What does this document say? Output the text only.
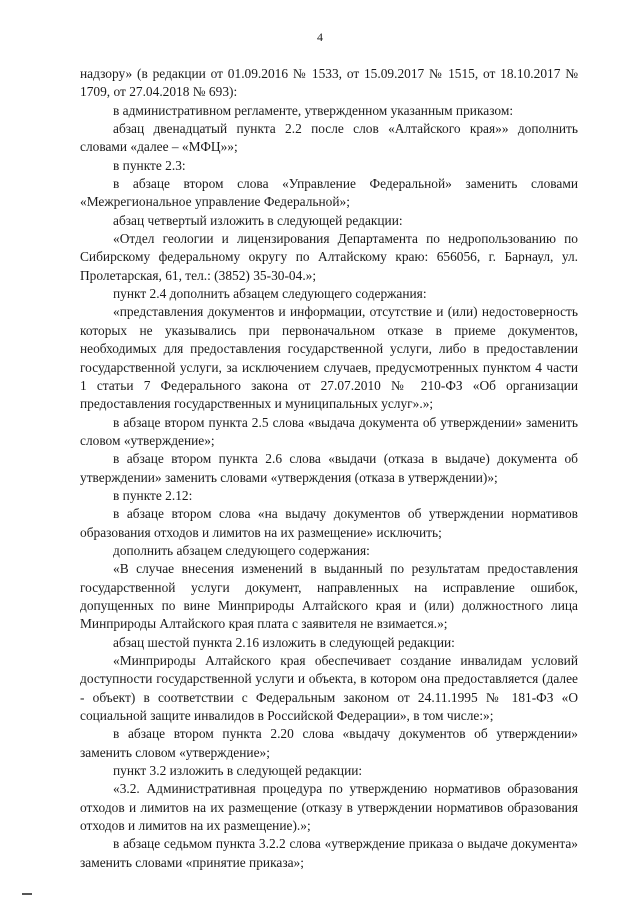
4

надзору» (в редакции от 01.09.2016 № 1533, от 15.09.2017 № 1515, от 18.10.2017 № 1709, от 27.04.2018 № 693):

в административном регламенте, утвержденном указанным приказом:

абзац двенадцатый пункта 2.2 после слов «Алтайского края»» дополнить словами «далее – «МФЦ»»;

в пункте 2.3:

в абзаце втором слова «Управление Федеральной» заменить словами «Межрегиональное управление Федеральной»;

абзац четвертый изложить в следующей редакции:

«Отдел геологии и лицензирования Департамента по недропользованию по Сибирскому федеральному округу по Алтайскому краю: 656056, г. Барнаул, ул. Пролетарская, 61, тел.: (3852) 35-30-04.»;

пункт 2.4 дополнить абзацем следующего содержания:

«представления документов и информации, отсутствие и (или) недостоверность которых не указывались при первоначальном отказе в приеме документов, необходимых для предоставления государственной услуги, либо в предоставлении государственной услуги, за исключением случаев, предусмотренных пунктом 4 части 1 статьи 7 Федерального закона от 27.07.2010 № 210-ФЗ «Об организации предоставления государственных и муниципальных услуг».»;

в абзаце втором пункта 2.5 слова «выдача документа об утверждении» заменить словом «утверждение»;

в абзаце втором пункта 2.6 слова «выдачи (отказа в выдаче) документа об утверждении» заменить словами «утверждения (отказа в утверждении)»;

в пункте 2.12:

в абзаце втором слова «на выдачу документов об утверждении нормативов образования отходов и лимитов на их размещение» исключить;

дополнить абзацем следующего содержания:

«В случае внесения изменений в выданный по результатам предоставления государственной услуги документ, направленных на исправление ошибок, допущенных по вине Минприроды Алтайского края и (или) должностного лица Минприроды Алтайского края плата с заявителя не взимается.»;

абзац шестой пункта 2.16 изложить в следующей редакции:

«Минприроды Алтайского края обеспечивает создание инвалидам условий доступности государственной услуги и объекта, в котором она предоставляется (далее - объект) в соответствии с Федеральным законом от 24.11.1995 № 181-ФЗ «О социальной защите инвалидов в Российской Федерации», в том числе:»;

в абзаце втором пункта 2.20 слова «выдачу документов об утверждении» заменить словом «утверждение»;

пункт 3.2 изложить в следующей редакции:

«3.2. Административная процедура по утверждению нормативов образования отходов и лимитов на их размещение (отказу в утверждении нормативов образования отходов и лимитов на их размещение).»;

в абзаце седьмом пункта 3.2.2 слова «утверждение приказа о выдаче документа» заменить словами «принятие приказа»;
